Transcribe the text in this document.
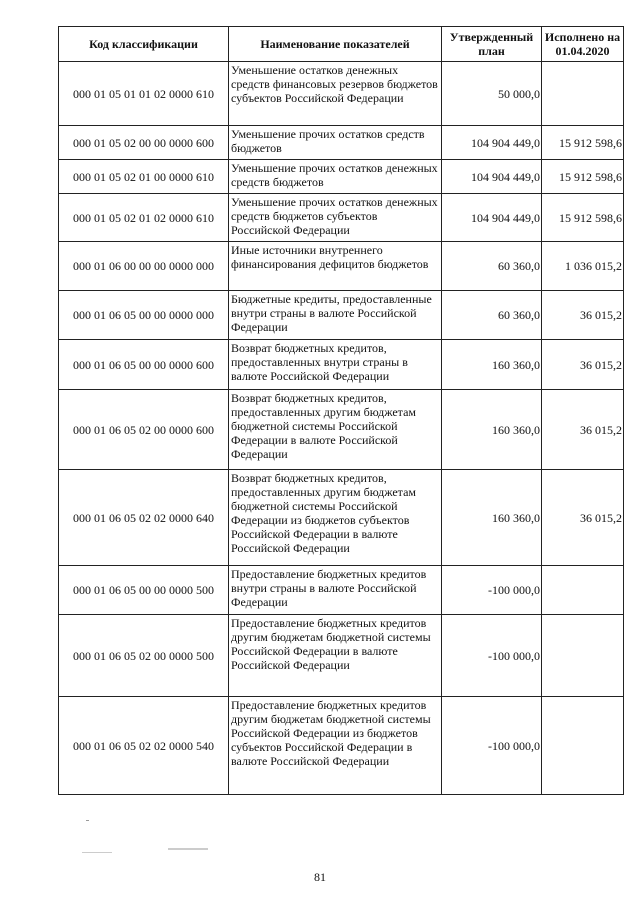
Код классификации	Наименование показателей	Утвержденный план	Исполнено на 01.04.2020
000 01 05 01 01 02 0000 610	Уменьшение остатков денежных средств финансовых резервов бюджетов субъектов Российской Федерации	50 000,0	
000 01 05 02 00 00 0000 600	Уменьшение прочих остатков средств бюджетов	104 904 449,0	15 912 598,6
000 01 05 02 01 00 0000 610	Уменьшение прочих остатков денежных средств бюджетов	104 904 449,0	15 912 598,6
000 01 05 02 01 02 0000 610	Уменьшение прочих остатков денежных средств бюджетов субъектов Российской Федерации	104 904 449,0	15 912 598,6
000 01 06 00 00 00 0000 000	Иные источники внутреннего финансирования дефицитов бюджетов	60 360,0	1 036 015,2
000 01 06 05 00 00 0000 000	Бюджетные кредиты, предоставленные внутри страны в валюте Российской Федерации	60 360,0	36 015,2
000 01 06 05 00 00 0000 600	Возврат бюджетных кредитов, предоставленных внутри страны в валюте Российской Федерации	160 360,0	36 015,2
000 01 06 05 02 00 0000 600	Возврат бюджетных кредитов, предоставленных другим бюджетам бюджетной системы Российской Федерации в валюте Российской Федерации	160 360,0	36 015,2
000 01 06 05 02 02 0000 640	Возврат бюджетных кредитов, предоставленных другим бюджетам бюджетной системы Российской Федерации из бюджетов субъектов Российской Федерации в валюте Российской Федерации	160 360,0	36 015,2
000 01 06 05 00 00 0000 500	Предоставление бюджетных кредитов внутри страны в валюте Российской Федерации	-100 000,0	
000 01 06 05 02 00 0000 500	Предоставление бюджетных кредитов другим бюджетам бюджетной системы Российской Федерации в валюте Российской Федерации	-100 000,0	
000 01 06 05 02 02 0000 540	Предоставление бюджетных кредитов другим бюджетам бюджетной системы Российской Федерации из бюджетов субъектов Российской Федерации в валюте Российской Федерации	-100 000,0	
81
